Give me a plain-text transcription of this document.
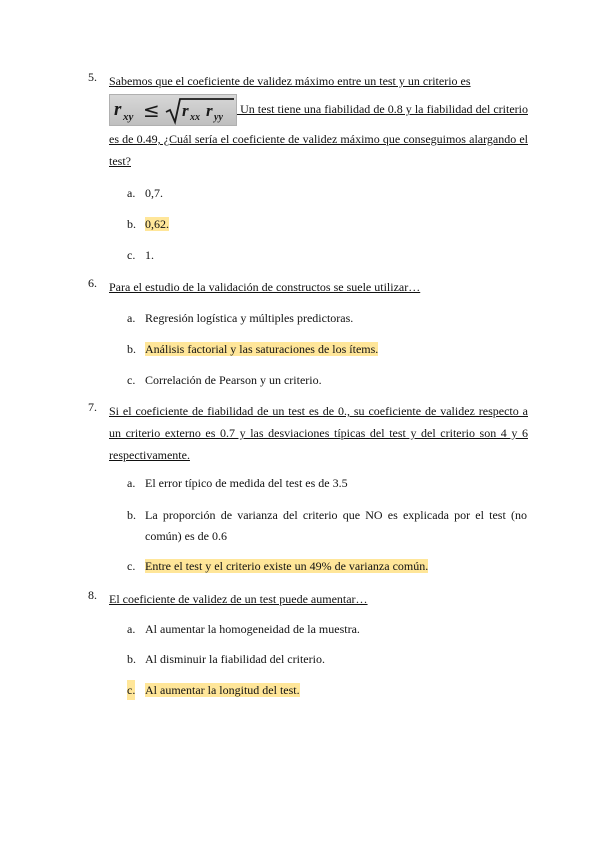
5. Sabemos que el coeficiente de validez máximo entre un test y un criterio es

r xy ≤ r xx r yy
Un test tiene una fiabilidad de 0.8 y la fiabilidad del criterio es de 0.49, ¿Cuál sería el coeficiente de validez máximo que conseguimos alargando el test?
a. 0,7.
b. 0,62.
c. 1.
6. Para el estudio de la validación de constructos se suele utilizar…
a. Regresión logística y múltiples predictoras.
b. Análisis factorial y las saturaciones de los ítems.
c. Correlación de Pearson y un criterio.
7. Si el coeficiente de fiabilidad de un test es de 0., su coeficiente de validez respecto a un criterio externo es 0.7 y las desviaciones típicas del test y del criterio son 4 y 6 respectivamente.
a. El error típico de medida del test es de 3.5
b. La proporción de varianza del criterio que NO es explicada por el test (no común) es de 0.6
c. Entre el test y el criterio existe un 49% de varianza común.
8. El coeficiente de validez de un test puede aumentar…
a. Al aumentar la homogeneidad de la muestra.
b. Al disminuir la fiabilidad del criterio.
c. Al aumentar la longitud del test.
